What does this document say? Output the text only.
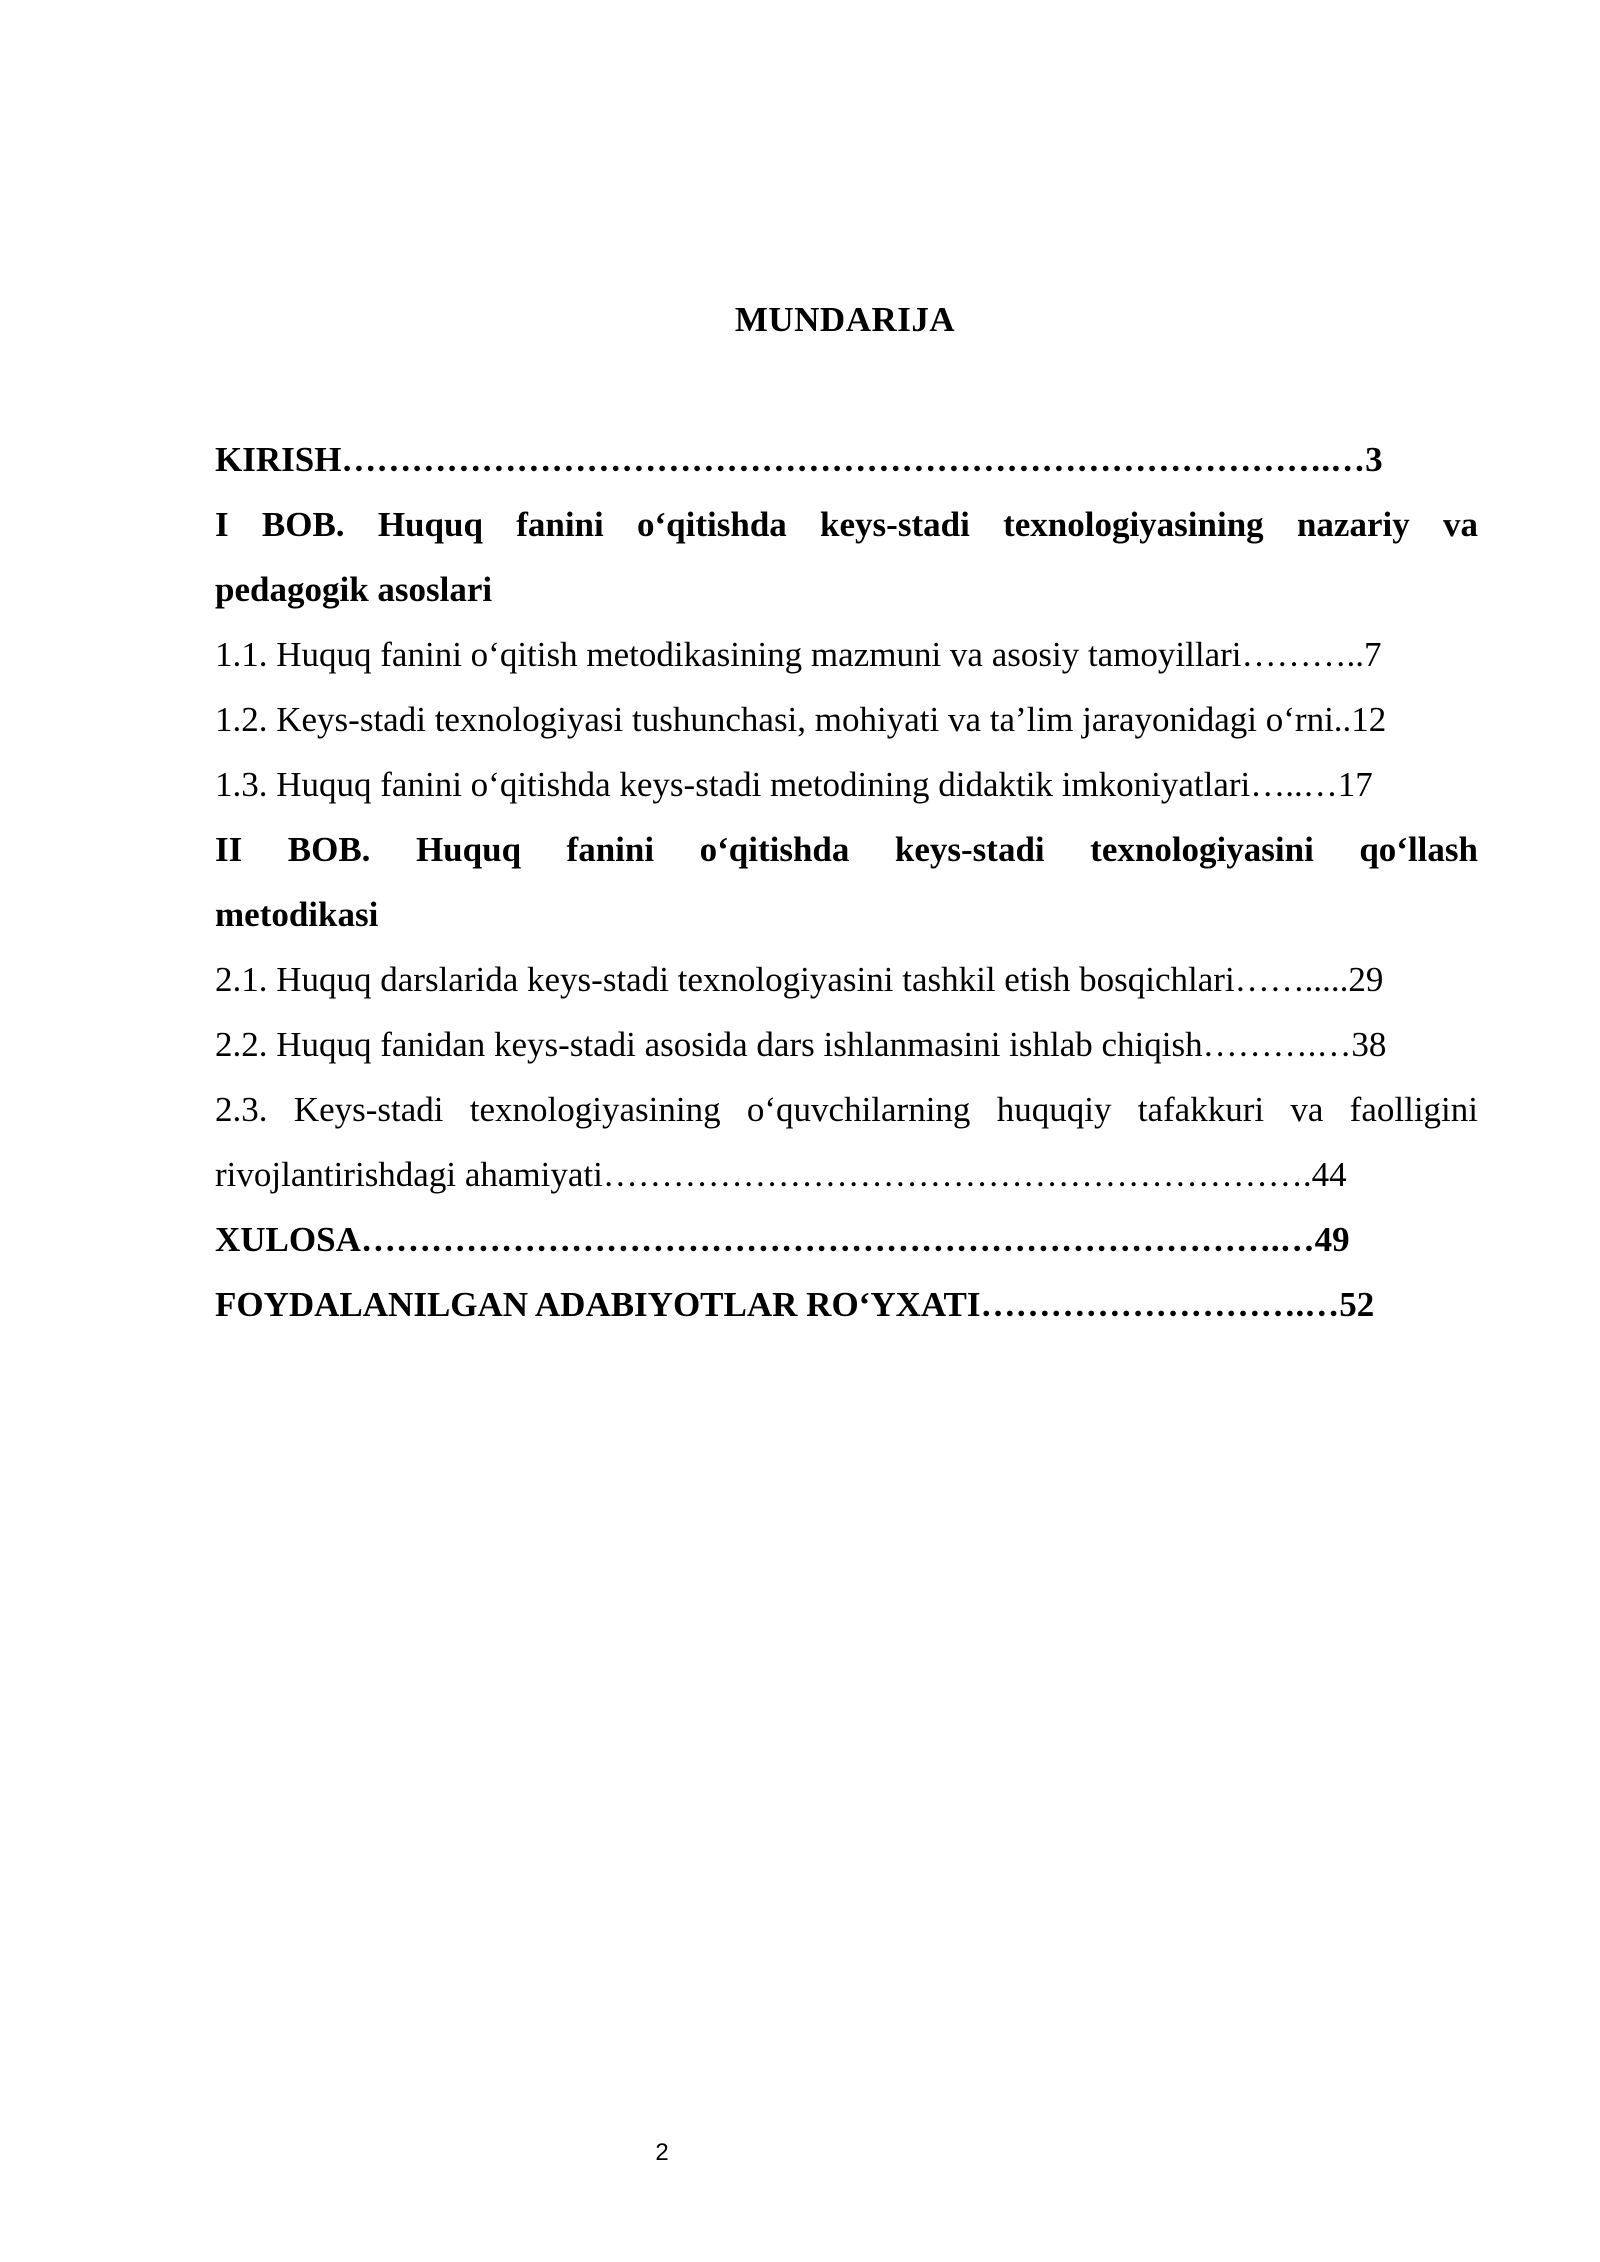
MUNDARIJA
KIRISH………………………………………………………………………….…3
I BOB. Huquq fanini o‘qitishda keys-stadi texnologiyasining nazariy va
pedagogik asoslari
1.1. Huquq fanini o‘qitish metodikasining mazmuni va asosiy tamoyillari………..7
1.2. Keys-stadi texnologiyasi tushunchasi, mohiyati va ta’lim jarayonidagi o‘rni..12
1.3. Huquq fanini o‘qitishda keys-stadi metodining didaktik imkoniyatlari…..…17
II BOB. Huquq fanini o‘qitishda keys-stadi texnologiyasini qo‘llash
metodikasi
2.1. Huquq darslarida keys-stadi texnologiyasini tashkil etish bosqichlari…….....29
2.2. Huquq fanidan keys-stadi asosida dars ishlanmasini ishlab chiqish……….…38
2.3. Keys-stadi texnologiyasining o‘quvchilarning huquqiy tafakkuri va faolligini
rivojlantirishdagi ahamiyati…………………………………………………….44
XULOSA…………………………………………………………………….…49
FOYDALANILGAN ADABIYOTLAR RO‘YXATI……………………….…52
2
